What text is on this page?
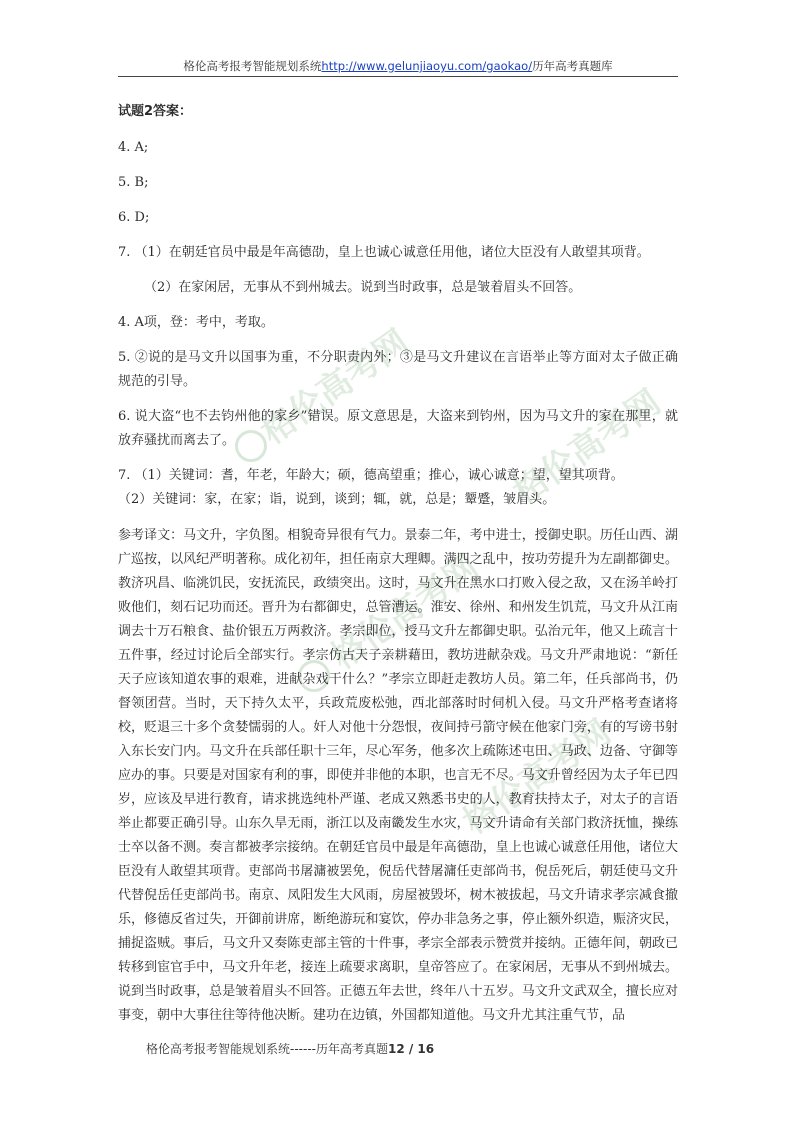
格伦高考报考智能规划系统http://www.gelunjiaoyu.com/gaokao/历年高考真题库
格伦高考网	格伦高考网
格伦高考网
格伦高考网

试题2答案：

4. A;

5. B;

6. D;

7. （1）在朝廷官员中最是年高德劭，皇上也诚心诚意任用他，诸位大臣没有人敢望其项背。

（2）在家闲居，无事从不到州城去。说到当时政事，总是皱着眉头不回答。

4. A项，登：考中，考取。

5. ②说的是马文升以国事为重，不分职责内外；③是马文升建议在言语举止等方面对太子做正确规范的引导。

6. 说大盗“也不去钧州他的家乡”错误。原文意思是，大盗来到钧州，因为马文升的家在那里，就放弃骚扰而离去了。

7. （1）关键词：耆，年老，年龄大；硕，德高望重；推心，诚心诚意；望，望其项背。

（2）关键词：家，在家；诣，说到，谈到；辄，就，总是；颦蹙，皱眉头。

参考译文：马文升，字负图。相貌奇异很有气力。景泰二年，考中进士，授御史职。历任山西、湖广巡按，以风纪严明著称。成化初年，担任南京大理卿。满四之乱中，按功劳提升为左副都御史。教济巩昌、临洮饥民，安抚流民，政绩突出。这时，马文升在黑水口打败入侵之敌，又在汤羊岭打败他们，刻石记功而还。晋升为右都御史，总管漕运。淮安、徐州、和州发生饥荒，马文升从江南调去十万石粮食、盐价银五万两救济。孝宗即位，授马文升左都御史职。弘治元年，他又上疏言十五件事，经过讨论后全部实行。孝宗仿古天子亲耕藉田，教坊进献杂戏。马文升严肃地说：“新任天子应该知道农事的艰难，进献杂戏干什么？”孝宗立即赶走教坊人员。第二年，任兵部尚书，仍督领团营。当时，天下持久太平，兵政荒废松弛，西北部落时时伺机入侵。马文升严格考查诸将校，贬退三十多个贪婪懦弱的人。奸人对他十分怨恨，夜间持弓箭守候在他家门旁，有的写谤书射入东长安门内。马文升在兵部任职十三年，尽心军务，他多次上疏陈述屯田、马政、边备、守御等应办的事。只要是对国家有利的事，即使并非他的本职，也言无不尽。马文升曾经因为太子年已四岁，应该及早进行教育，请求挑选纯朴严谨、老成又熟悉书史的人，教育扶持太子，对太子的言语举止都要正确引导。山东久旱无雨，浙江以及南畿发生水灾，马文升请命有关部门救济抚恤，操练士卒以备不测。奏言都被孝宗接纳。在朝廷官员中最是年高德劭，皇上也诚心诚意任用他，诸位大臣没有人敢望其项背。吏部尚书屠滽被罢免，倪岳代替屠滽任吏部尚书，倪岳死后，朝廷使马文升代替倪岳任吏部尚书。南京、凤阳发生大风雨，房屋被毁坏，树木被拔起，马文升请求孝宗减食撤乐，修德反省过失，开御前讲席，断绝游玩和宴饮，停办非急务之事，停止额外织造，赈济灾民，捕捉盗贼。事后，马文升又奏陈吏部主管的十件事，孝宗全部表示赞赏并接纳。正德年间，朝政已转移到宦官手中，马文升年老，接连上疏要求离职，皇帝答应了。在家闲居，无事从不到州城去。说到当时政事，总是皱着眉头不回答。正德五年去世，终年八十五岁。马文升文武双全，擅长应对事变，朝中大事往往等待他决断。建功在边镇，外国都知道他。马文升尤其注重气节，品

格伦高考报考智能规划系统------历年高考真题12 / 16
